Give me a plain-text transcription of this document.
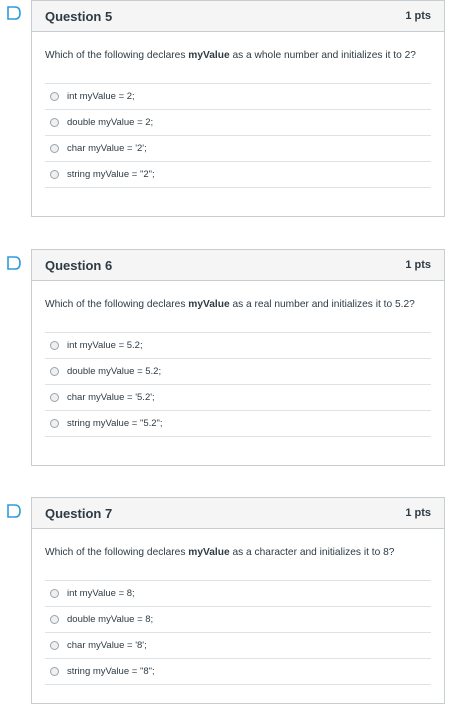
Question 5	1 pts
Which of the following declares myValue as a whole number and initializes it to 2?
int myValue = 2;
double myValue = 2;
char myValue = '2';
string myValue = "2";
Question 6	1 pts
Which of the following declares myValue as a real number and initializes it to 5.2?
int myValue = 5.2;
double myValue = 5.2;
char myValue = '5.2';
string myValue = "5.2";
Question 7	1 pts
Which of the following declares myValue as a character and initializes it to 8?
int myValue = 8;
double myValue = 8;
char myValue = '8';
string myValue = "8";
